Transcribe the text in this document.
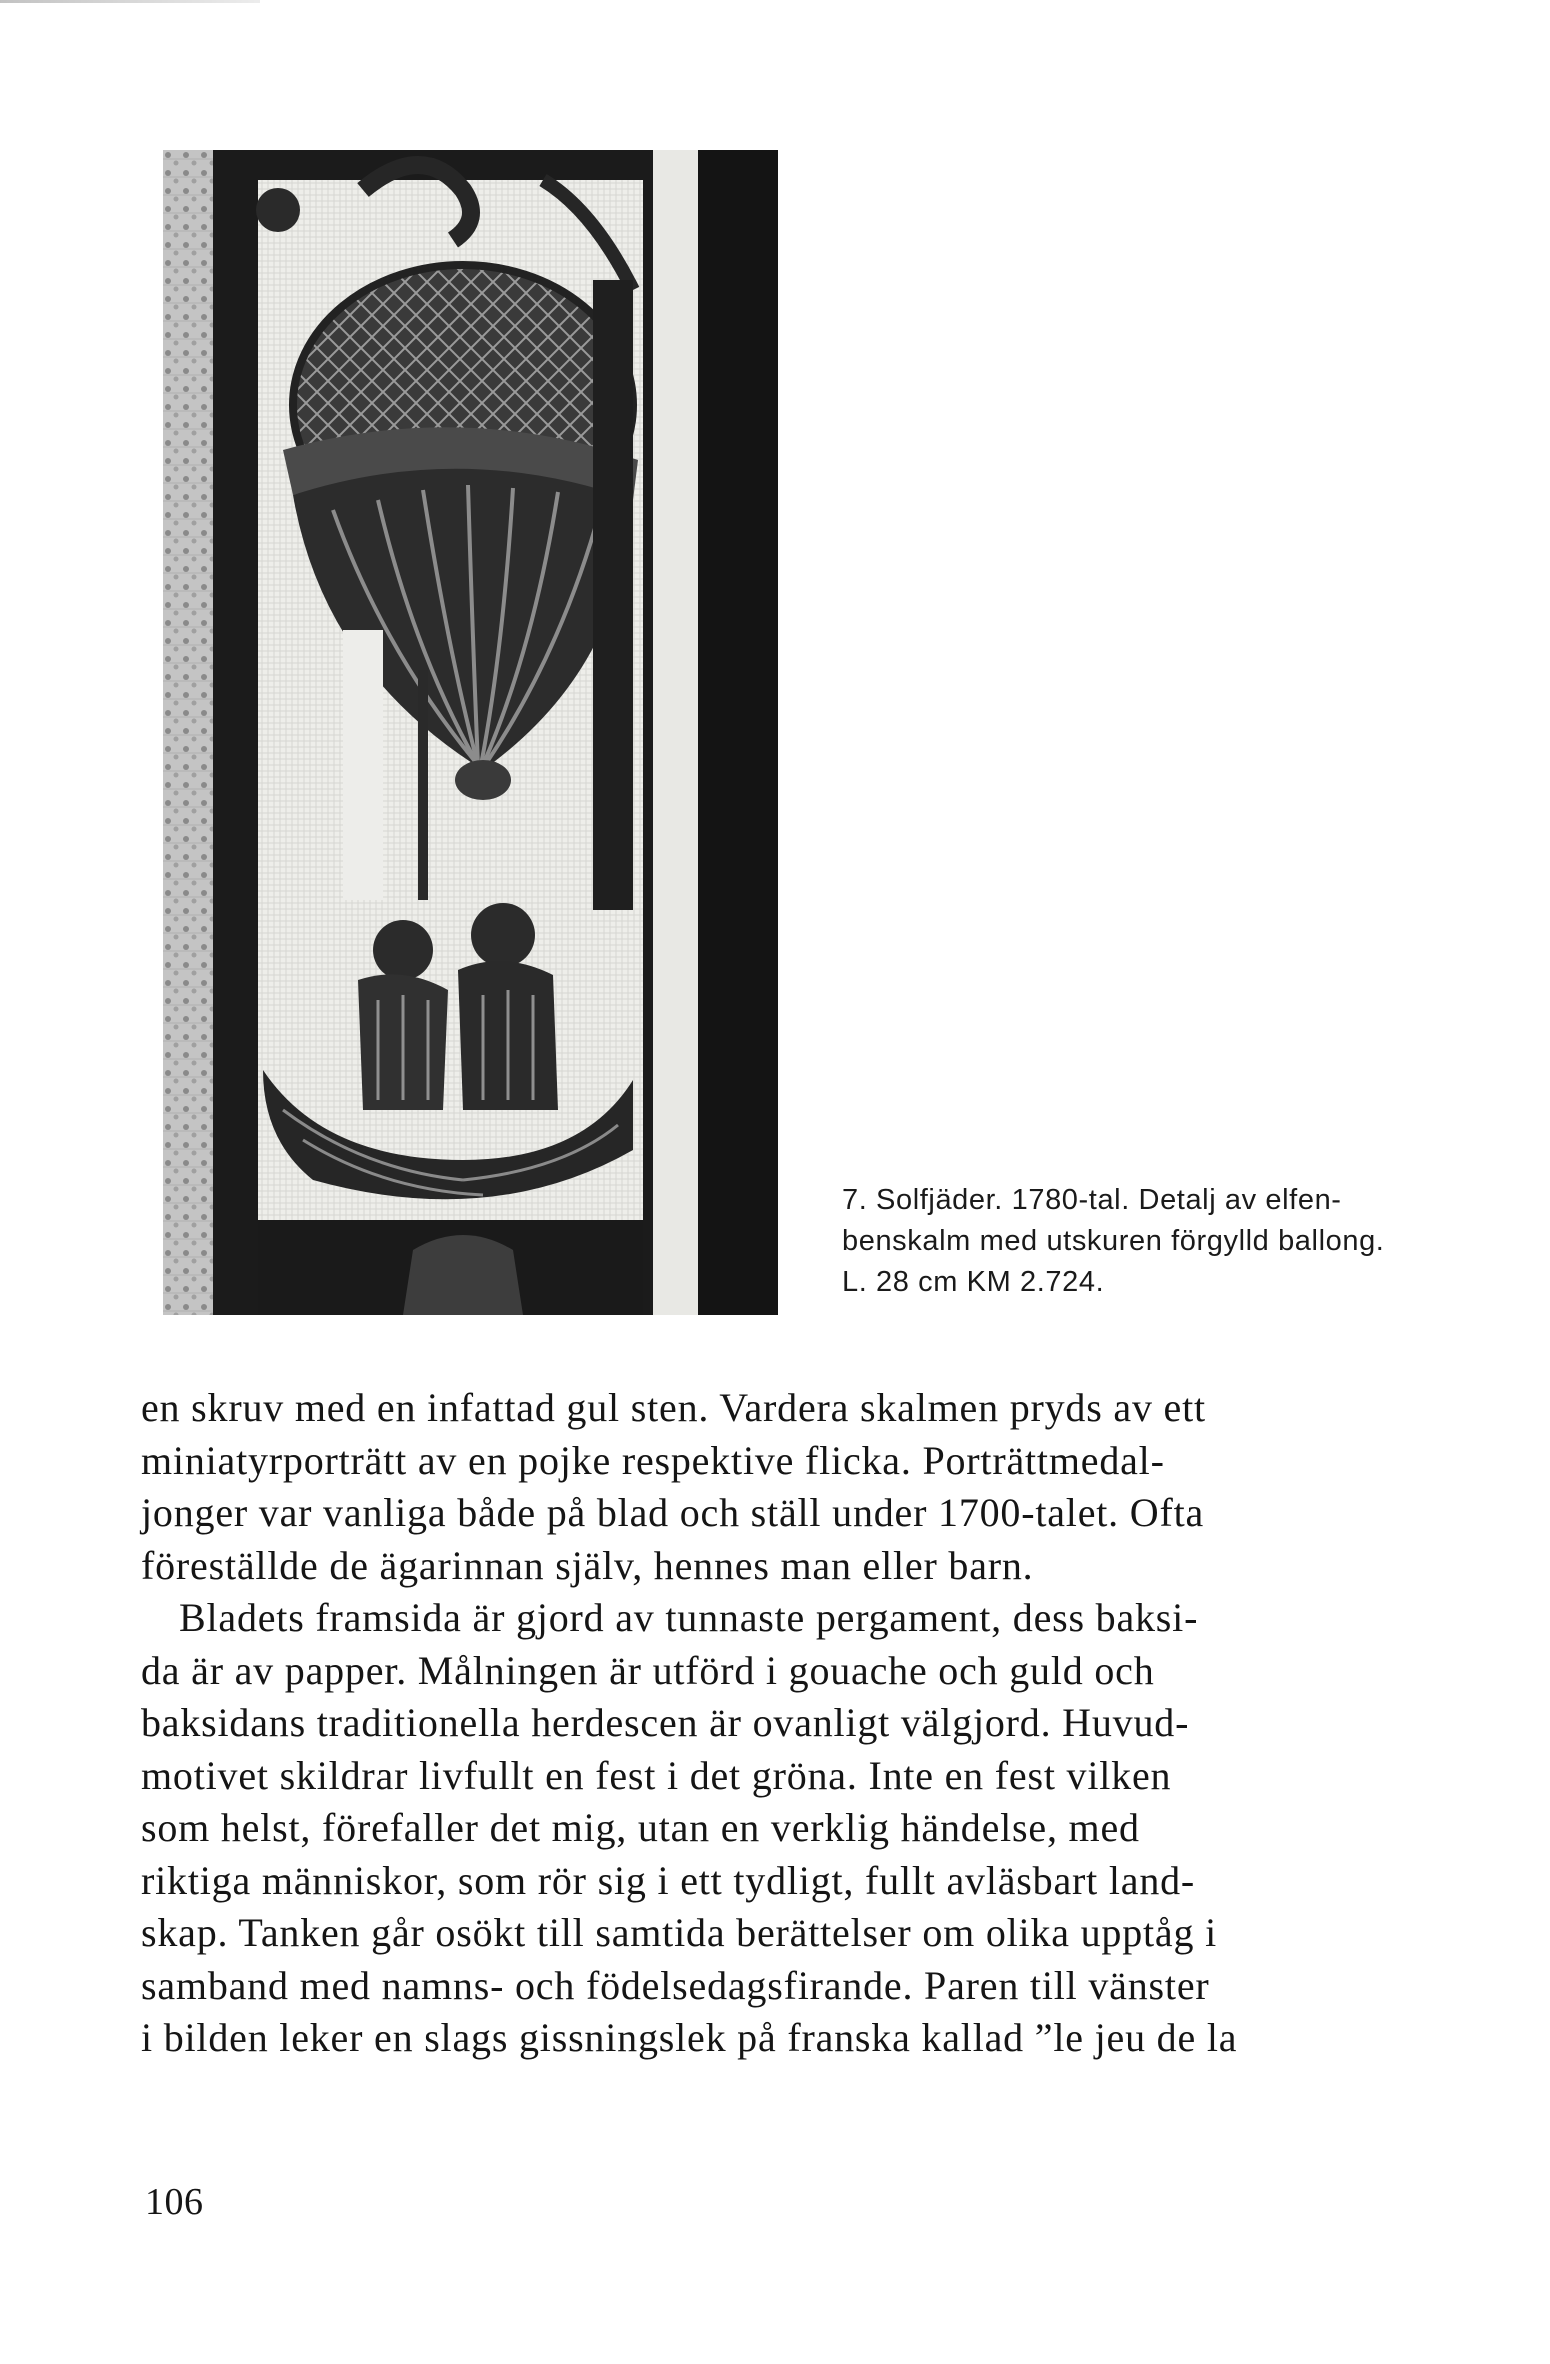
7. Solfjäder. 1780-tal. Detalj av elfen-
benskalm med utskuren förgylld ballong.
L. 28 cm KM 2.724.
en skruv med en infattad gul sten. Vardera skalmen pryds av ett
miniatyrporträtt av en pojke respektive flicka. Porträttmedal-
jonger var vanliga både på blad och ställ under 1700-talet. Ofta
föreställde de ägarinnan själv, hennes man eller barn.
Bladets framsida är gjord av tunnaste pergament, dess baksi-
da är av papper. Målningen är utförd i gouache och guld och
baksidans traditionella herdescen är ovanligt välgjord. Huvud-
motivet skildrar livfullt en fest i det gröna. Inte en fest vilken
som helst, förefaller det mig, utan en verklig händelse, med
riktiga människor, som rör sig i ett tydligt, fullt avläsbart land-
skap. Tanken går osökt till samtida berättelser om olika upptåg i
samband med namns- och födelsedagsfirande. Paren till vänster
i bilden leker en slags gissningslek på franska kallad ”le jeu de la
106
